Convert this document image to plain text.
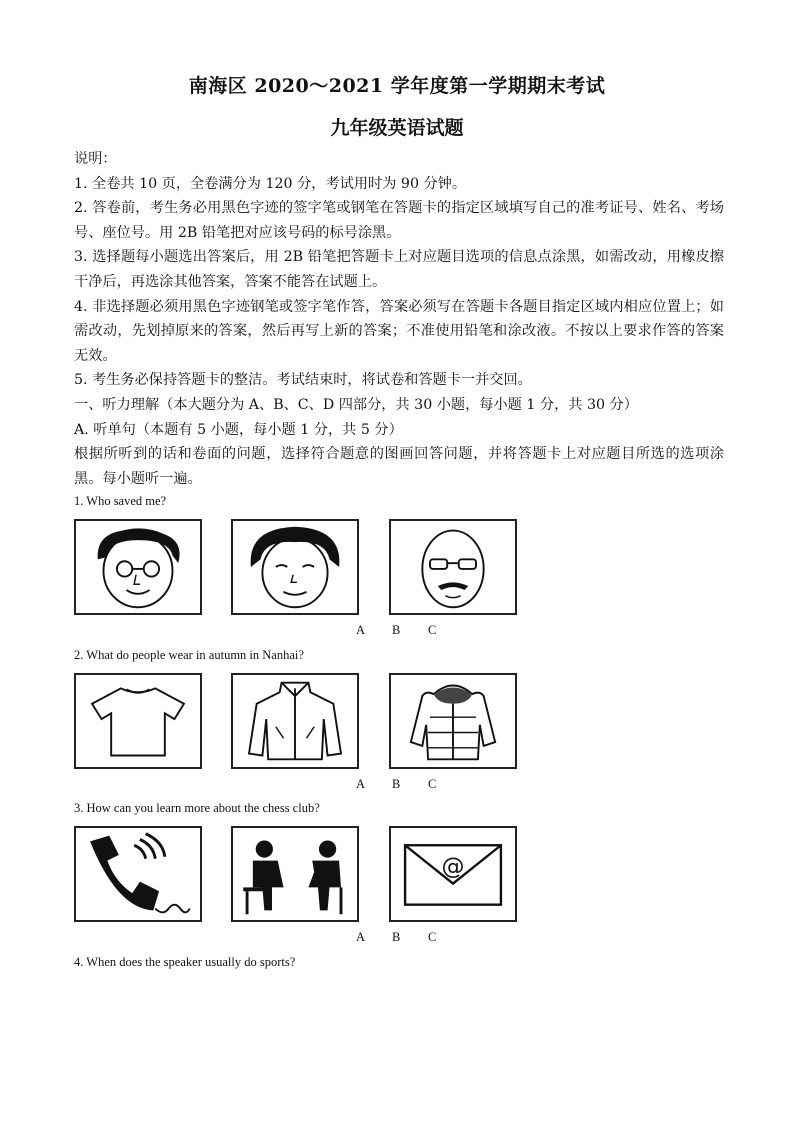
南海区 2020～2021 学年度第一学期期末考试
九年级英语试题

说明：

1. 全卷共 10 页，全卷满分为 120 分，考试用时为 90 分钟。

2. 答卷前，考生务必用黑色字迹的签字笔或钢笔在答题卡的指定区域填写自己的准考证号、姓名、考场号、座位号。用 2B 铅笔把对应该号码的标号涂黑。

3. 选择题每小题选出答案后，用 2B 铅笔把答题卡上对应题目选项的信息点涂黑，如需改动，用橡皮擦干净后，再选涂其他答案，答案不能答在试题上。

4. 非选择题必须用黑色字迹钢笔或签字笔作答，答案必须写在答题卡各题目指定区域内相应位置上；如需改动，先划掉原来的答案，然后再写上新的答案；不准使用铅笔和涂改液。不按以上要求作答的答案无效。

5. 考生务必保持答题卡的整洁。考试结束时，将试卷和答题卡一并交回。

一、听力理解（本大题分为 A、B、C、D 四部分，共 30 小题，每小题 1 分，共 30 分）

A. 听单句（本题有 5 小题，每小题 1 分，共 5 分）

根据所听到的话和卷面的问题，选择符合题意的图画回答问题，并将答题卡上对应题目所选的选项涂黑。每小题听一遍。

1. Who saved me?
A B C
2. What do people wear in autumn in Nanhai?
A B C
3. How can you learn more about the chess club?
@
A B C
4. When does the speaker usually do sports?
